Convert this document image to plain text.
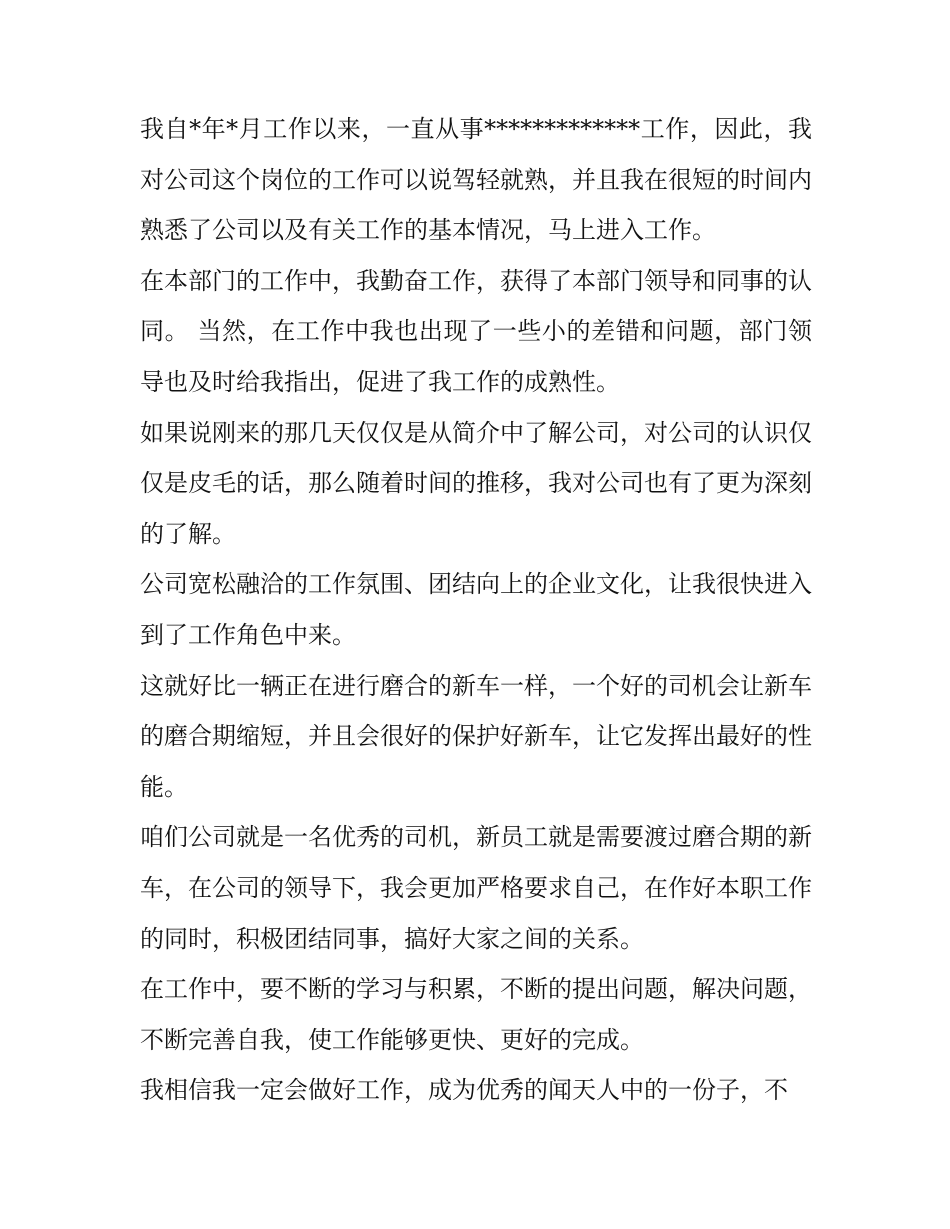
我自*年*月工作以来，一直从事*************工作，因此，我对公司这个岗位的工作可以说驾轻就熟，并且我在很短的时间内熟悉了公司以及有关工作的基本情况，马上进入工作。

在本部门的工作中，我勤奋工作，获得了本部门领导和同事的认同。 当然，在工作中我也出现了一些小的差错和问题，部门领导也及时给我指出，促进了我工作的成熟性。

如果说刚来的那几天仅仅是从简介中了解公司，对公司的认识仅仅是皮毛的话，那么随着时间的推移，我对公司也有了更为深刻的了解。

公司宽松融洽的工作氛围、团结向上的企业文化，让我很快进入到了工作角色中来。

这就好比一辆正在进行磨合的新车一样，一个好的司机会让新车的磨合期缩短，并且会很好的保护好新车，让它发挥出最好的性能。

咱们公司就是一名优秀的司机，新员工就是需要渡过磨合期的新车，在公司的领导下，我会更加严格要求自己，在作好本职工作的同时，积极团结同事，搞好大家之间的关系。

在工作中，要不断的学习与积累，不断的提出问题，解决问题，不断完善自我，使工作能够更快、更好的完成。

我相信我一定会做好工作，成为优秀的闻天人中的一份子，不
